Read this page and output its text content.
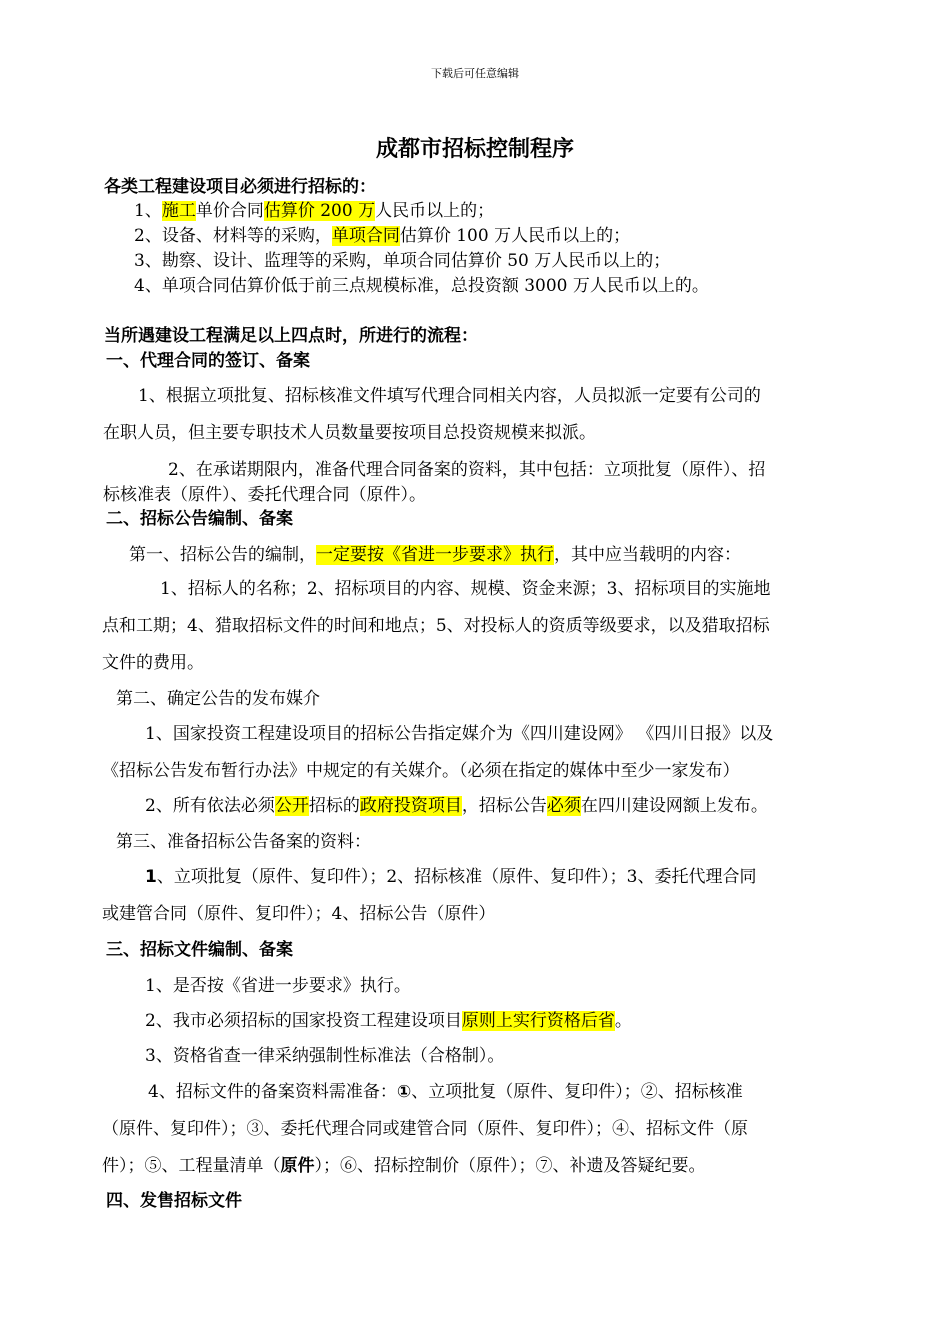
下载后可任意编辑
成都市招标控制程序
各类工程建设项目必须进行招标的：
1、施工单价合同估算价 200 万人民币以上的；
2、设备、材料等的采购，单项合同估算价 100 万人民币以上的；
3、勘察、设计、监理等的采购，单项合同估算价 50 万人民币以上的；
4、单项合同估算价低于前三点规模标准，总投资额 3000 万人民币以上的。
当所遇建设工程满足以上四点时，所进行的流程：
一、代理合同的签订、备案
1、根据立项批复、招标核准文件填写代理合同相关内容，人员拟派一定要有公司的
在职人员，但主要专职技术人员数量要按项目总投资规模来拟派。
2、在承诺期限内，准备代理合同备案的资料，其中包括：立项批复（原件）、招
标核准表（原件）、委托代理合同（原件）。
二、招标公告编制、备案
第一、招标公告的编制，一定要按《省进一步要求》执行，其中应当载明的内容：
1、招标人的名称；2、招标项目的内容、规模、资金来源；3、招标项目的实施地
点和工期；4、猎取招标文件的时间和地点；5、对投标人的资质等级要求，以及猎取招标
文件的费用。
第二、确定公告的发布媒介
1、国家投资工程建设项目的招标公告指定媒介为《四川建设网》 《四川日报》以及
《招标公告发布暂行办法》中规定的有关媒介。（必须在指定的媒体中至少一家发布）
2、所有依法必须公开招标的政府投资项目，招标公告必须在四川建设网额上发布。
第三、准备招标公告备案的资料：
1、立项批复（原件、复印件）；2、招标核准（原件、复印件）；3、委托代理合同
或建管合同（原件、复印件）；4、招标公告（原件）
三、招标文件编制、备案
1、是否按《省进一步要求》执行。
2、我市必须招标的国家投资工程建设项目原则上实行资格后省。
3、资格省查一律采纳强制性标准法（合格制）。
4、招标文件的备案资料需准备：①、立项批复（原件、复印件）；②、招标核准
（原件、复印件）；③、委托代理合同或建管合同（原件、复印件）；④、招标文件（原
件）；⑤、工程量清单（原件）；⑥、招标控制价（原件）；⑦、补遗及答疑纪要。
四、发售招标文件
